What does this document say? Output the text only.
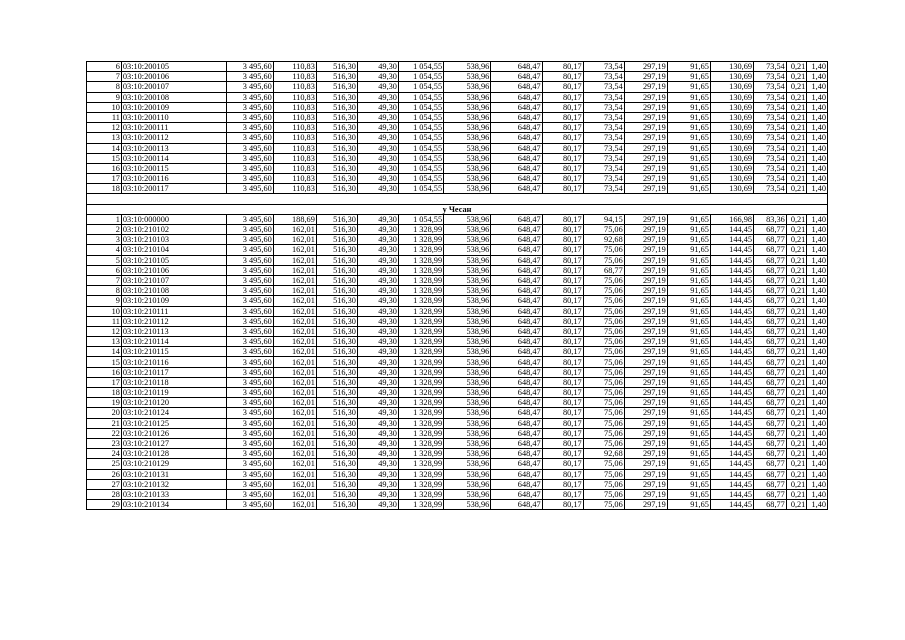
6	03:10:200105	3 495,60	110,83	516,30	49,30	1 054,55	538,96	648,47	80,17	73,54	297,19	91,65	130,69	73,54	0,21	1,40
7	03:10:200106	3 495,60	110,83	516,30	49,30	1 054,55	538,96	648,47	80,17	73,54	297,19	91,65	130,69	73,54	0,21	1,40
8	03:10:200107	3 495,60	110,83	516,30	49,30	1 054,55	538,96	648,47	80,17	73,54	297,19	91,65	130,69	73,54	0,21	1,40
9	03:10:200108	3 495,60	110,83	516,30	49,30	1 054,55	538,96	648,47	80,17	73,54	297,19	91,65	130,69	73,54	0,21	1,40
10	03:10:200109	3 495,60	110,83	516,30	49,30	1 054,55	538,96	648,47	80,17	73,54	297,19	91,65	130,69	73,54	0,21	1,40
11	03:10:200110	3 495,60	110,83	516,30	49,30	1 054,55	538,96	648,47	80,17	73,54	297,19	91,65	130,69	73,54	0,21	1,40
12	03:10:200111	3 495,60	110,83	516,30	49,30	1 054,55	538,96	648,47	80,17	73,54	297,19	91,65	130,69	73,54	0,21	1,40
13	03:10:200112	3 495,60	110,83	516,30	49,30	1 054,55	538,96	648,47	80,17	73,54	297,19	91,65	130,69	73,54	0,21	1,40
14	03:10:200113	3 495,60	110,83	516,30	49,30	1 054,55	538,96	648,47	80,17	73,54	297,19	91,65	130,69	73,54	0,21	1,40
15	03:10:200114	3 495,60	110,83	516,30	49,30	1 054,55	538,96	648,47	80,17	73,54	297,19	91,65	130,69	73,54	0,21	1,40
16	03:10:200115	3 495,60	110,83	516,30	49,30	1 054,55	538,96	648,47	80,17	73,54	297,19	91,65	130,69	73,54	0,21	1,40
17	03:10:200116	3 495,60	110,83	516,30	49,30	1 054,55	538,96	648,47	80,17	73,54	297,19	91,65	130,69	73,54	0,21	1,40
18	03:10:200117	3 495,60	110,83	516,30	49,30	1 054,55	538,96	648,47	80,17	73,54	297,19	91,65	130,69	73,54	0,21	1,40

у Чесан																
1	03:10:000000	3 495,60	188,69	516,30	49,30	1 054,55	538,96	648,47	80,17	94,15	297,19	91,65	166,98	83,36	0,21	1,40
2	03:10:210102	3 495,60	162,01	516,30	49,30	1 328,99	538,96	648,47	80,17	75,06	297,19	91,65	144,45	68,77	0,21	1,40
3	03:10:210103	3 495,60	162,01	516,30	49,30	1 328,99	538,96	648,47	80,17	92,68	297,19	91,65	144,45	68,77	0,21	1,40
4	03:10:210104	3 495,60	162,01	516,30	49,30	1 328,99	538,96	648,47	80,17	75,06	297,19	91,65	144,45	68,77	0,21	1,40
5	03:10:210105	3 495,60	162,01	516,30	49,30	1 328,99	538,96	648,47	80,17	75,06	297,19	91,65	144,45	68,77	0,21	1,40
6	03:10:210106	3 495,60	162,01	516,30	49,30	1 328,99	538,96	648,47	80,17	68,77	297,19	91,65	144,45	68,77	0,21	1,40
7	03:10:210107	3 495,60	162,01	516,30	49,30	1 328,99	538,96	648,47	80,17	75,06	297,19	91,65	144,45	68,77	0,21	1,40
8	03:10:210108	3 495,60	162,01	516,30	49,30	1 328,99	538,96	648,47	80,17	75,06	297,19	91,65	144,45	68,77	0,21	1,40
9	03:10:210109	3 495,60	162,01	516,30	49,30	1 328,99	538,96	648,47	80,17	75,06	297,19	91,65	144,45	68,77	0,21	1,40
10	03:10:210111	3 495,60	162,01	516,30	49,30	1 328,99	538,96	648,47	80,17	75,06	297,19	91,65	144,45	68,77	0,21	1,40
11	03:10:210112	3 495,60	162,01	516,30	49,30	1 328,99	538,96	648,47	80,17	75,06	297,19	91,65	144,45	68,77	0,21	1,40
12	03:10:210113	3 495,60	162,01	516,30	49,30	1 328,99	538,96	648,47	80,17	75,06	297,19	91,65	144,45	68,77	0,21	1,40
13	03:10:210114	3 495,60	162,01	516,30	49,30	1 328,99	538,96	648,47	80,17	75,06	297,19	91,65	144,45	68,77	0,21	1,40
14	03:10:210115	3 495,60	162,01	516,30	49,30	1 328,99	538,96	648,47	80,17	75,06	297,19	91,65	144,45	68,77	0,21	1,40
15	03:10:210116	3 495,60	162,01	516,30	49,30	1 328,99	538,96	648,47	80,17	75,06	297,19	91,65	144,45	68,77	0,21	1,40
16	03:10:210117	3 495,60	162,01	516,30	49,30	1 328,99	538,96	648,47	80,17	75,06	297,19	91,65	144,45	68,77	0,21	1,40
17	03:10:210118	3 495,60	162,01	516,30	49,30	1 328,99	538,96	648,47	80,17	75,06	297,19	91,65	144,45	68,77	0,21	1,40
18	03:10:210119	3 495,60	162,01	516,30	49,30	1 328,99	538,96	648,47	80,17	75,06	297,19	91,65	144,45	68,77	0,21	1,40
19	03:10:210120	3 495,60	162,01	516,30	49,30	1 328,99	538,96	648,47	80,17	75,06	297,19	91,65	144,45	68,77	0,21	1,40
20	03:10:210124	3 495,60	162,01	516,30	49,30	1 328,99	538,96	648,47	80,17	75,06	297,19	91,65	144,45	68,77	0,21	1,40
21	03:10:210125	3 495,60	162,01	516,30	49,30	1 328,99	538,96	648,47	80,17	75,06	297,19	91,65	144,45	68,77	0,21	1,40
22	03:10:210126	3 495,60	162,01	516,30	49,30	1 328,99	538,96	648,47	80,17	75,06	297,19	91,65	144,45	68,77	0,21	1,40
23	03:10:210127	3 495,60	162,01	516,30	49,30	1 328,99	538,96	648,47	80,17	75,06	297,19	91,65	144,45	68,77	0,21	1,40
24	03:10:210128	3 495,60	162,01	516,30	49,30	1 328,99	538,96	648,47	80,17	92,68	297,19	91,65	144,45	68,77	0,21	1,40
25	03:10:210129	3 495,60	162,01	516,30	49,30	1 328,99	538,96	648,47	80,17	75,06	297,19	91,65	144,45	68,77	0,21	1,40
26	03:10:210131	3 495,60	162,01	516,30	49,30	1 328,99	538,96	648,47	80,17	75,06	297,19	91,65	144,45	68,77	0,21	1,40
27	03:10:210132	3 495,60	162,01	516,30	49,30	1 328,99	538,96	648,47	80,17	75,06	297,19	91,65	144,45	68,77	0,21	1,40
28	03:10:210133	3 495,60	162,01	516,30	49,30	1 328,99	538,96	648,47	80,17	75,06	297,19	91,65	144,45	68,77	0,21	1,40
29	03:10:210134	3 495,60	162,01	516,30	49,30	1 328,99	538,96	648,47	80,17	75,06	297,19	91,65	144,45	68,77	0,21	1,40
